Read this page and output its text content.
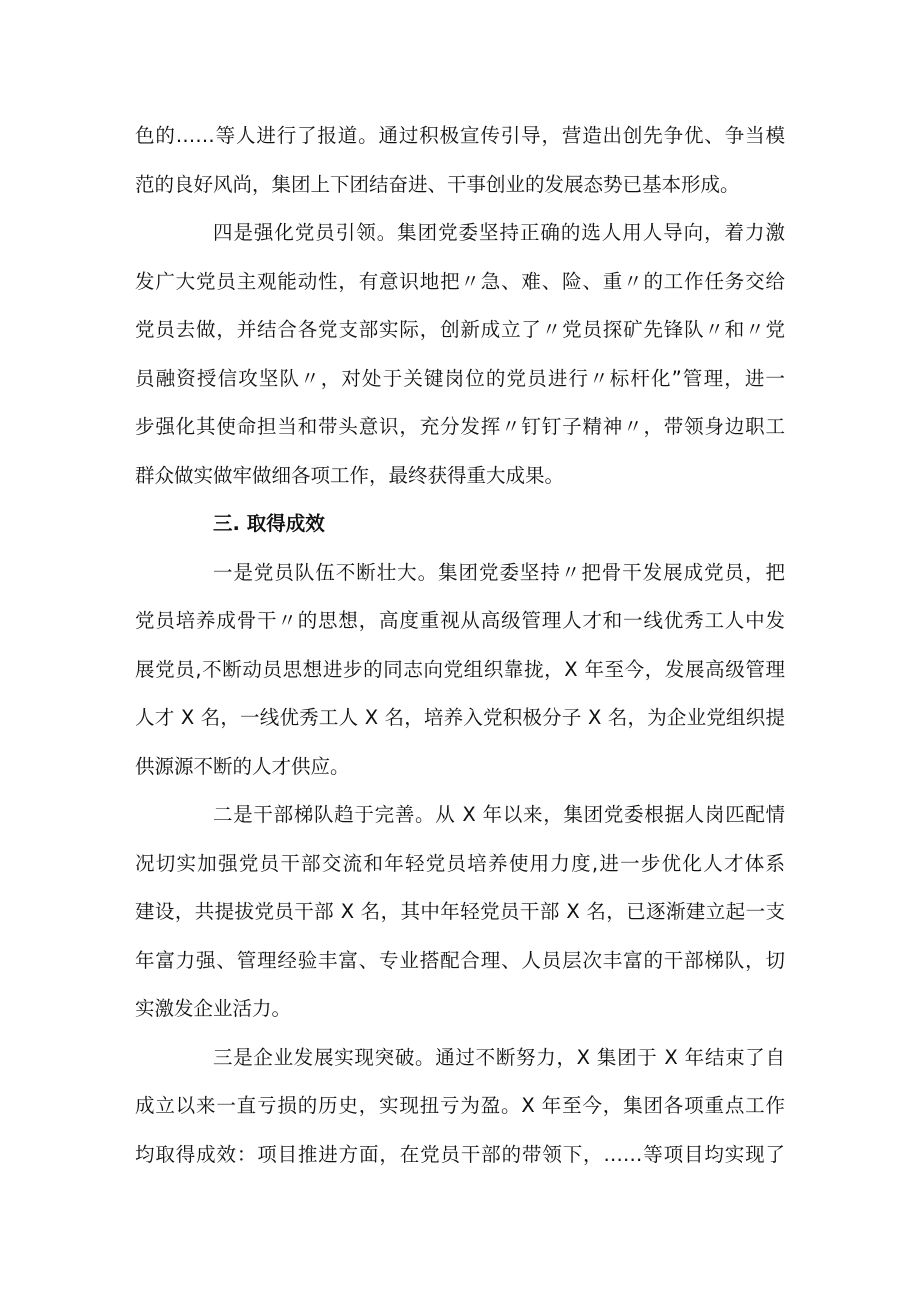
色的……等人进行了报道。通过积极宣传引导，营造出创先争优、争当模
范的良好风尚，集团上下团结奋进、干事创业的发展态势已基本形成。
四是强化党员引领。集团党委坚持正确的选人用人导向，着力激
发广大党员主观能动性，有意识地把〃急、难、险、重〃的工作任务交给
党员去做，并结合各党支部实际，创新成立了〃党员探矿先锋队〃和〃党
员融资授信攻坚队〃，对处于关键岗位的党员进行〃标杆化”管理，进一
步强化其使命担当和带头意识，充分发挥〃钉钉子精神〃，带领身边职工
群众做实做牢做细各项工作，最终获得重大成果。
三. 取得成效
一是党员队伍不断壮大。集团党委坚持〃把骨干发展成党员，把
党员培养成骨干〃的思想，高度重视从高级管理人才和一线优秀工人中发
展党员,不断动员思想进步的同志向党组织靠拢，X 年至今，发展高级管理
人才 X 名，一线优秀工人 X 名，培养入党积极分子 X 名，为企业党组织提
供源源不断的人才供应。
二是干部梯队趋于完善。从 X 年以来，集团党委根据人岗匹配情
况切实加强党员干部交流和年轻党员培养使用力度,进一步优化人才体系
建设，共提拔党员干部 X 名，其中年轻党员干部 X 名，已逐渐建立起一支
年富力强、管理经验丰富、专业搭配合理、人员层次丰富的干部梯队，切
实激发企业活力。
三是企业发展实现突破。通过不断努力，X 集团于 X 年结束了自
成立以来一直亏损的历史，实现扭亏为盈。X 年至今，集团各项重点工作
均取得成效：项目推进方面，在党员干部的带领下，……等项目均实现了
